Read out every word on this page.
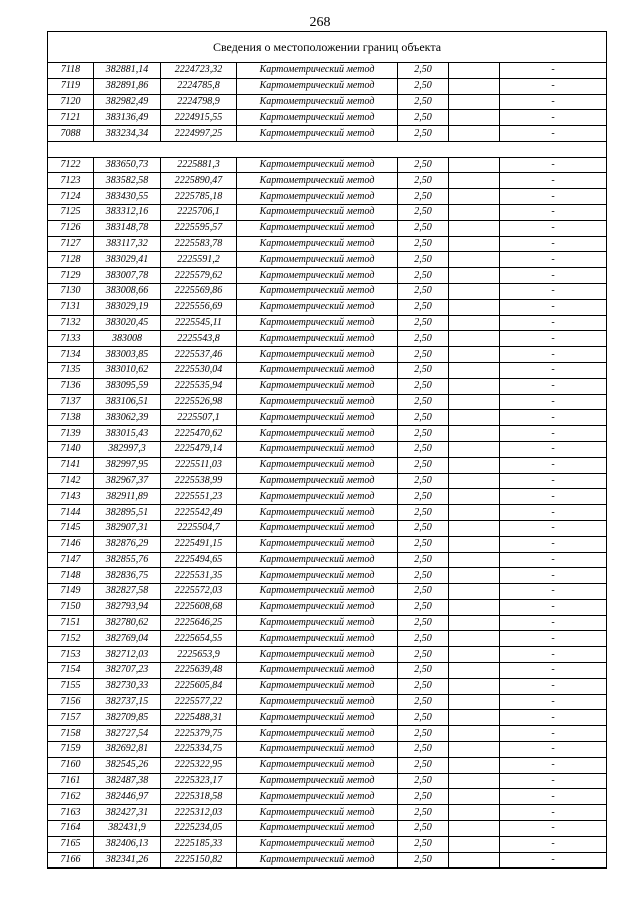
268
Сведения о местоположении границ объекта
7118	382881,14	2224723,32	Картометрический метод	2,50		-
7119	382891,86	2224785,8	Картометрический метод	2,50		-
7120	382982,49	2224798,9	Картометрический метод	2,50		-
7121	383136,49	2224915,55	Картометрический метод	2,50		-
7088	383234,34	2224997,25	Картометрический метод	2,50		-

7122	383650,73	2225881,3	Картометрический метод	2,50		-
7123	383582,58	2225890,47	Картометрический метод	2,50		-
7124	383430,55	2225785,18	Картометрический метод	2,50		-
7125	383312,16	2225706,1	Картометрический метод	2,50		-
7126	383148,78	2225595,57	Картометрический метод	2,50		-
7127	383117,32	2225583,78	Картометрический метод	2,50		-
7128	383029,41	2225591,2	Картометрический метод	2,50		-
7129	383007,78	2225579,62	Картометрический метод	2,50		-
7130	383008,66	2225569,86	Картометрический метод	2,50		-
7131	383029,19	2225556,69	Картометрический метод	2,50		-
7132	383020,45	2225545,11	Картометрический метод	2,50		-
7133	383008	2225543,8	Картометрический метод	2,50		-
7134	383003,85	2225537,46	Картометрический метод	2,50		-
7135	383010,62	2225530,04	Картометрический метод	2,50		-
7136	383095,59	2225535,94	Картометрический метод	2,50		-
7137	383106,51	2225526,98	Картометрический метод	2,50		-
7138	383062,39	2225507,1	Картометрический метод	2,50		-
7139	383015,43	2225470,62	Картометрический метод	2,50		-
7140	382997,3	2225479,14	Картометрический метод	2,50		-
7141	382997,95	2225511,03	Картометрический метод	2,50		-
7142	382967,37	2225538,99	Картометрический метод	2,50		-
7143	382911,89	2225551,23	Картометрический метод	2,50		-
7144	382895,51	2225542,49	Картометрический метод	2,50		-
7145	382907,31	2225504,7	Картометрический метод	2,50		-
7146	382876,29	2225491,15	Картометрический метод	2,50		-
7147	382855,76	2225494,65	Картометрический метод	2,50		-
7148	382836,75	2225531,35	Картометрический метод	2,50		-
7149	382827,58	2225572,03	Картометрический метод	2,50		-
7150	382793,94	2225608,68	Картометрический метод	2,50		-
7151	382780,62	2225646,25	Картометрический метод	2,50		-
7152	382769,04	2225654,55	Картометрический метод	2,50		-
7153	382712,03	2225653,9	Картометрический метод	2,50		-
7154	382707,23	2225639,48	Картометрический метод	2,50		-
7155	382730,33	2225605,84	Картометрический метод	2,50		-
7156	382737,15	2225577,22	Картометрический метод	2,50		-
7157	382709,85	2225488,31	Картометрический метод	2,50		-
7158	382727,54	2225379,75	Картометрический метод	2,50		-
7159	382692,81	2225334,75	Картометрический метод	2,50		-
7160	382545,26	2225322,95	Картометрический метод	2,50		-
7161	382487,38	2225323,17	Картометрический метод	2,50		-
7162	382446,97	2225318,58	Картометрический метод	2,50		-
7163	382427,31	2225312,03	Картометрический метод	2,50		-
7164	382431,9	2225234,05	Картометрический метод	2,50		-
7165	382406,13	2225185,33	Картометрический метод	2,50		-
7166	382341,26	2225150,82	Картометрический метод	2,50		-
